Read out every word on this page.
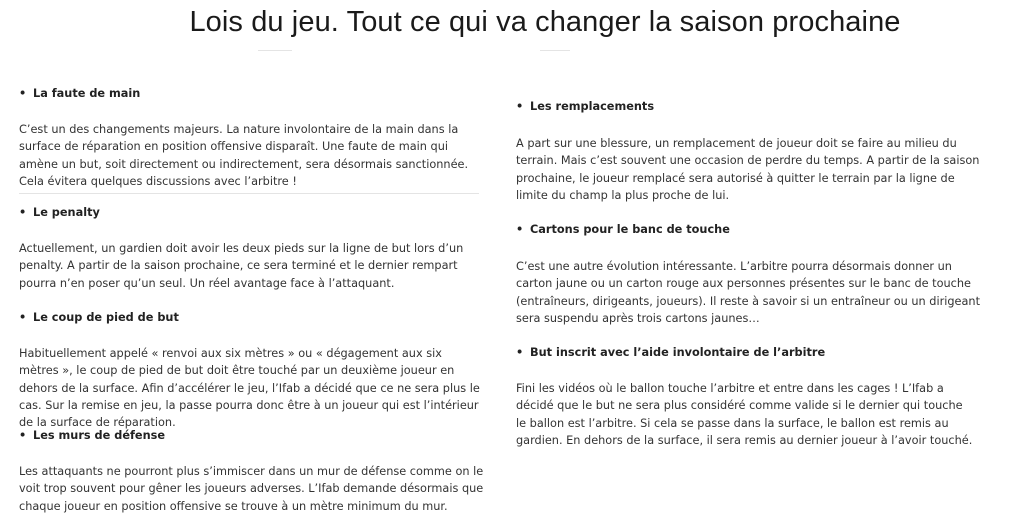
Lois du jeu. Tout ce qui va changer la saison prochaine
• La faute de main
C’est un des changements majeurs. La nature involontaire de la main dans la surface de réparation en position offensive disparaît. Une faute de main qui amène un but, soit directement ou indirectement, sera désormais sanctionnée. Cela évitera quelques discussions avec l’arbitre !
• Le penalty
Actuellement, un gardien doit avoir les deux pieds sur la ligne de but lors d’un penalty. A partir de la saison prochaine, ce sera terminé et le dernier rempart pourra n’en poser qu’un seul. Un réel avantage face à l’attaquant.
• Le coup de pied de but
Habituellement appelé « renvoi aux six mètres » ou « dégagement aux six mètres », le coup de pied de but doit être touché par un deuxième joueur en dehors de la surface. Afin d’accélérer le jeu, l’Ifab a décidé que ce ne sera plus le cas. Sur la remise en jeu, la passe pourra donc être à un joueur qui est l’intérieur de la surface de réparation.
• Les murs de défense
Les attaquants ne pourront plus s’immiscer dans un mur de défense comme on le voit trop souvent pour gêner les joueurs adverses. L’Ifab demande désormais que chaque joueur en position offensive se trouve à un mètre minimum du mur.
• Les remplacements
A part sur une blessure, un remplacement de joueur doit se faire au milieu du terrain. Mais c’est souvent une occasion de perdre du temps. A partir de la saison prochaine, le joueur remplacé sera autorisé à quitter le terrain par la ligne de limite du champ la plus proche de lui.
• Cartons pour le banc de touche
C’est une autre évolution intéressante. L’arbitre pourra désormais donner un carton jaune ou un carton rouge aux personnes présentes sur le banc de touche (entraîneurs, dirigeants, joueurs). Il reste à savoir si un entraîneur ou un dirigeant sera suspendu après trois cartons jaunes…
• But inscrit avec l’aide involontaire de l’arbitre
Fini les vidéos où le ballon touche l’arbitre et entre dans les cages ! L’Ifab a décidé que le but ne sera plus considéré comme valide si le dernier qui touche le ballon est l’arbitre. Si cela se passe dans la surface, le ballon est remis au gardien. En dehors de la surface, il sera remis au dernier joueur à l’avoir touché.
